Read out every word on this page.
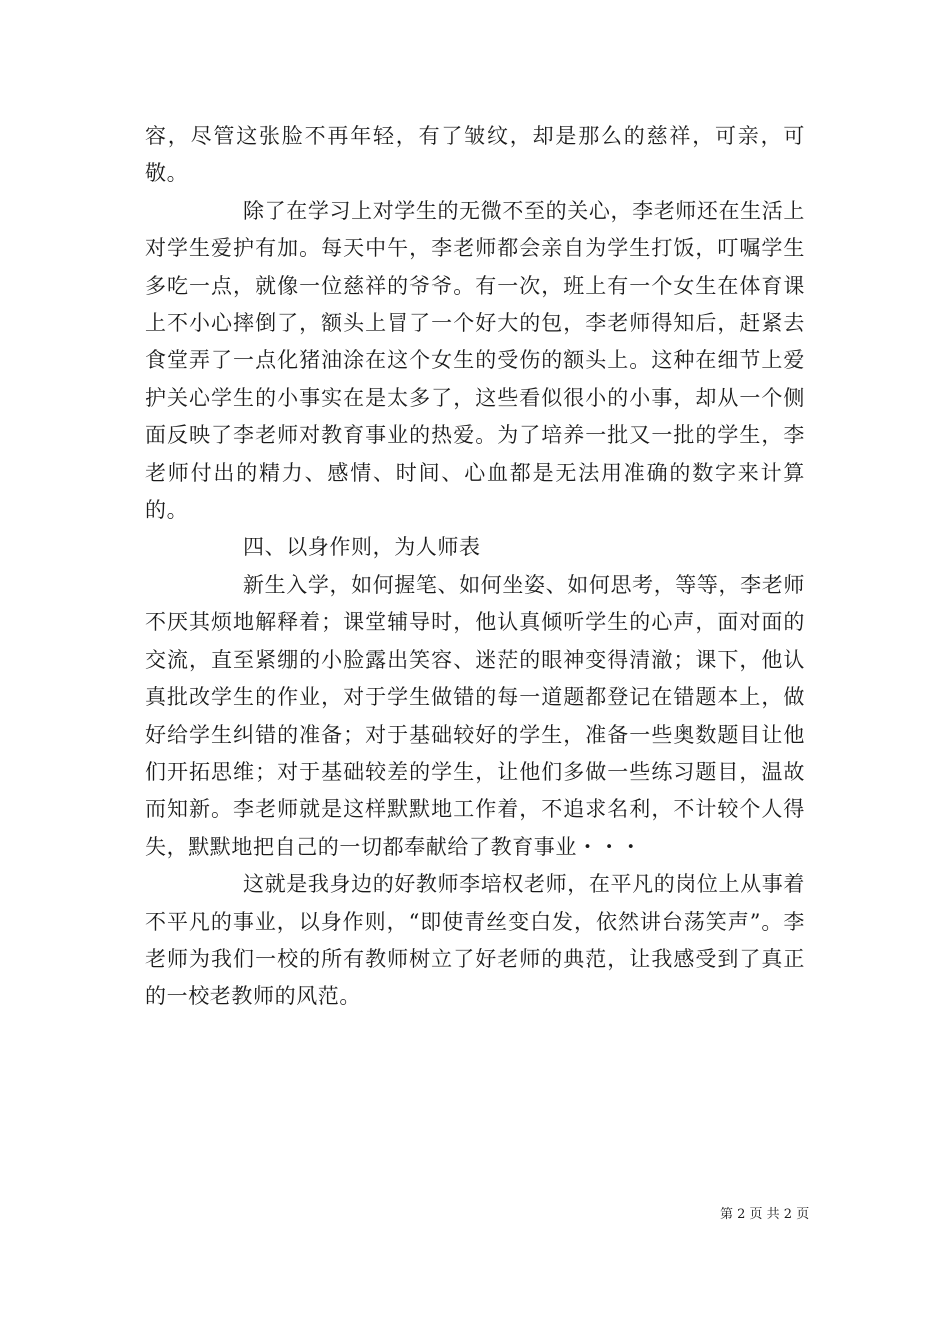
容，尽管这张脸不再年轻，有了皱纹，却是那么的慈祥，可亲，可敬。

除了在学习上对学生的无微不至的关心，李老师还在生活上对学生爱护有加。每天中午，李老师都会亲自为学生打饭，叮嘱学生多吃一点，就像一位慈祥的爷爷。有一次，班上有一个女生在体育课上不小心摔倒了，额头上冒了一个好大的包，李老师得知后，赶紧去食堂弄了一点化猪油涂在这个女生的受伤的额头上。这种在细节上爱护关心学生的小事实在是太多了，这些看似很小的小事，却从一个侧面反映了李老师对教育事业的热爱。为了培养一批又一批的学生，李老师付出的精力、感情、时间、心血都是无法用准确的数字来计算的。

四、以身作则，为人师表

新生入学，如何握笔、如何坐姿、如何思考，等等，李老师不厌其烦地解释着；课堂辅导时，他认真倾听学生的心声，面对面的交流，直至紧绷的小脸露出笑容、迷茫的眼神变得清澈；课下，他认真批改学生的作业，对于学生做错的每一道题都登记在错题本上，做好给学生纠错的准备；对于基础较好的学生，准备一些奥数题目让他们开拓思维；对于基础较差的学生，让他们多做一些练习题目，温故而知新。李老师就是这样默默地工作着，不追求名利，不计较个人得失，默默地把自己的一切都奉献给了教育事业・・・

这就是我身边的好教师李培权老师，在平凡的岗位上从事着不平凡的事业，以身作则，“即使青丝变白发，依然讲台荡笑声”。李老师为我们一校的所有教师树立了好老师的典范，让我感受到了真正的一校老教师的风范。

第 2 页 共 2 页
